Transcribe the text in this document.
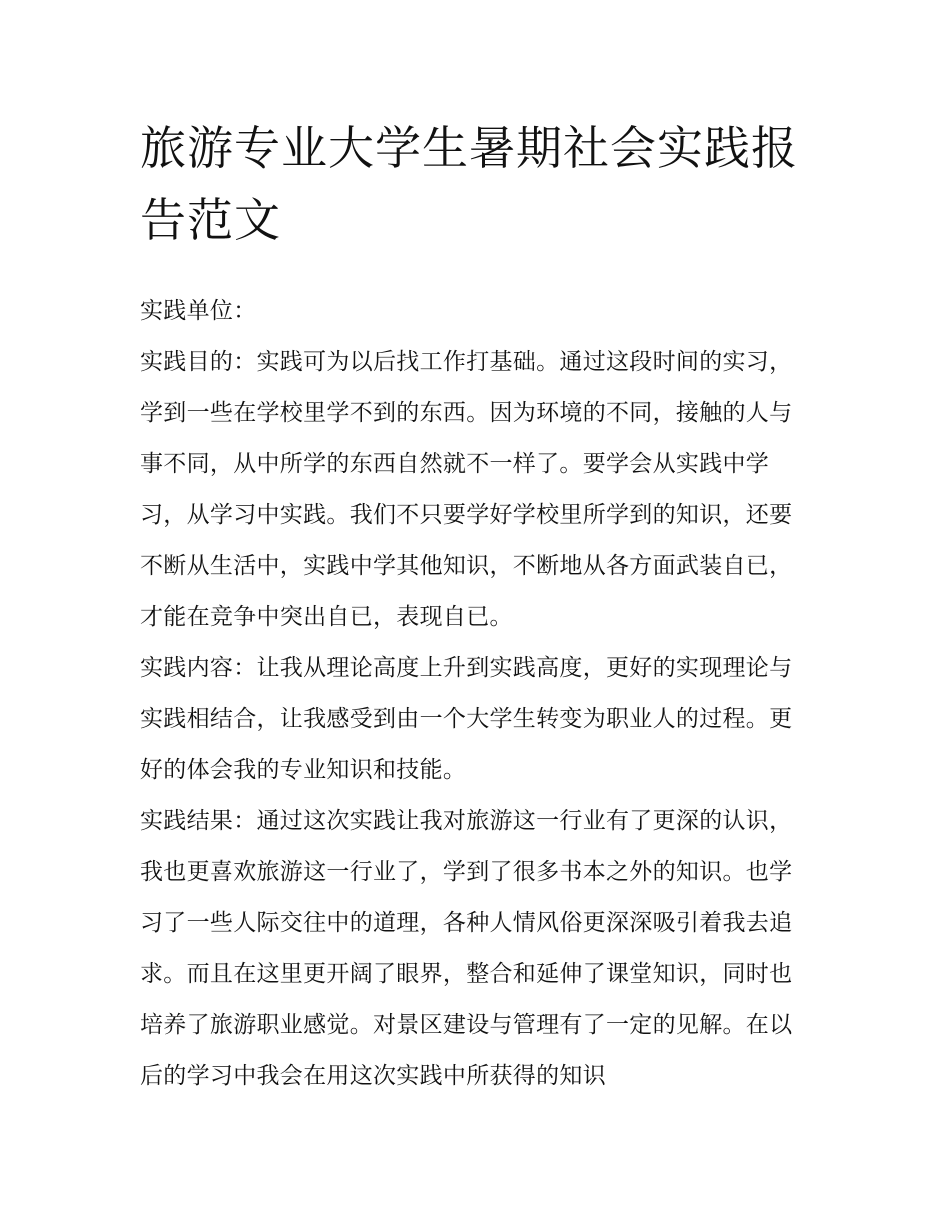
旅游专业大学生暑期社会实践报告范文

实践单位：

实践目的：实践可为以后找工作打基础。通过这段时间的实习，学到一些在学校里学不到的东西。因为环境的不同，接触的人与事不同，从中所学的东西自然就不一样了。要学会从实践中学习，从学习中实践。我们不只要学好学校里所学到的知识，还要不断从生活中，实践中学其他知识，不断地从各方面武装自已，才能在竞争中突出自已，表现自已。

实践内容：让我从理论高度上升到实践高度，更好的实现理论与实践相结合，让我感受到由一个大学生转变为职业人的过程。更好的体会我的专业知识和技能。

实践结果：通过这次实践让我对旅游这一行业有了更深的认识，我也更喜欢旅游这一行业了，学到了很多书本之外的知识。也学习了一些人际交往中的道理，各种人情风俗更深深吸引着我去追求。而且在这里更开阔了眼界，整合和延伸了课堂知识，同时也培养了旅游职业感觉。对景区建设与管理有了一定的见解。在以后的学习中我会在用这次实践中所获得的知识
